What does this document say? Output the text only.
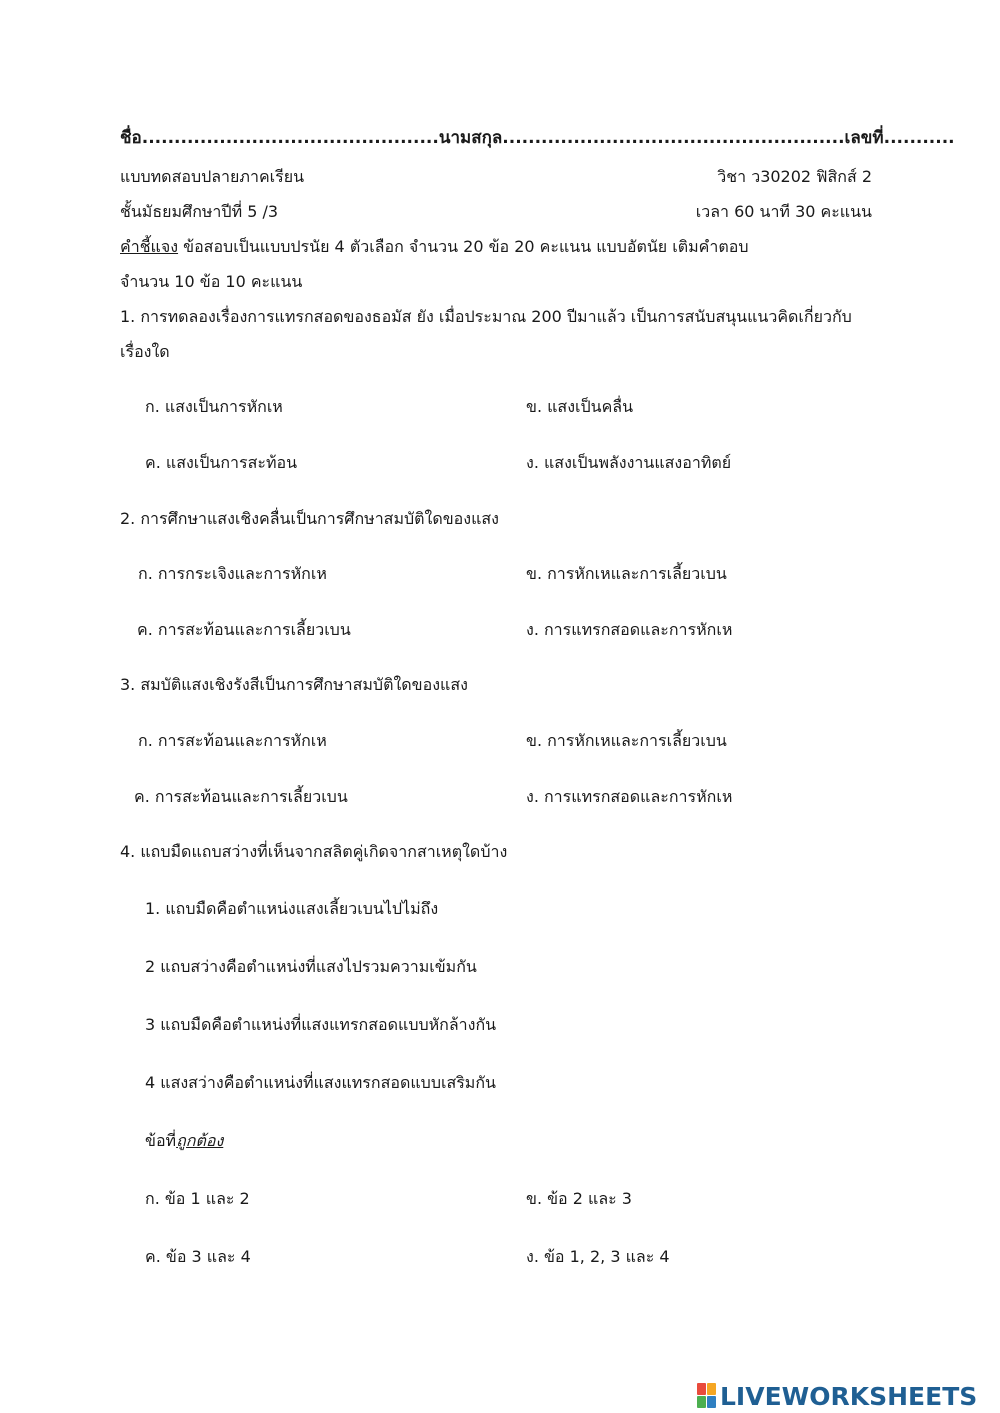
ชื่อ..............................................นามสกุล.....................................................เลขที่...........
แบบทดสอบปลายภาคเรียน	วิชา ว30202 ฟิสิกส์ 2
ชั้นมัธยมศึกษาปีที่ 5 /3	เวลา 60 นาที 30 คะแนน
คำชี้แจง ข้อสอบเป็นแบบปรนัย 4 ตัวเลือก จำนวน 20 ข้อ 20 คะแนน แบบอัตนัย เติมคำตอบ
จำนวน 10 ข้อ 10 คะแนน
1. การทดลองเรื่องการแทรกสอดของธอมัส ยัง เมื่อประมาณ 200 ปีมาแล้ว เป็นการสนับสนุนแนวคิดเกี่ยวกับ
เรื่องใด
ก. แสงเป็นการหักเห	ข. แสงเป็นคลื่น
ค. แสงเป็นการสะท้อน	ง. แสงเป็นพลังงานแสงอาทิตย์
2. การศึกษาแสงเชิงคลื่นเป็นการศึกษาสมบัติใดของแสง
ก. การกระเจิงและการหักเห	ข. การหักเหและการเลี้ยวเบน
ค. การสะท้อนและการเลี้ยวเบน	ง. การแทรกสอดและการหักเห
3. สมบัติแสงเชิงรังสีเป็นการศึกษาสมบัติใดของแสง
ก. การสะท้อนและการหักเห	ข. การหักเหและการเลี้ยวเบน
ค. การสะท้อนและการเลี้ยวเบน	ง. การแทรกสอดและการหักเห
4. แถบมืดแถบสว่างที่เห็นจากสลิตคู่เกิดจากสาเหตุใดบ้าง
1. แถบมืดคือตำแหน่งแสงเลี้ยวเบนไปไม่ถึง
2 แถบสว่างคือตำแหน่งที่แสงไปรวมความเข้มกัน
3 แถบมืดคือตำแหน่งที่แสงแทรกสอดแบบหักล้างกัน
4 แสงสว่างคือตำแหน่งที่แสงแทรกสอดแบบเสริมกัน
ข้อที่ถูกต้อง
ก. ข้อ 1 และ 2	ข. ข้อ 2 และ 3
ค. ข้อ 3 และ 4	ง. ข้อ 1, 2, 3 และ 4
LIVEWORKSHEETS
